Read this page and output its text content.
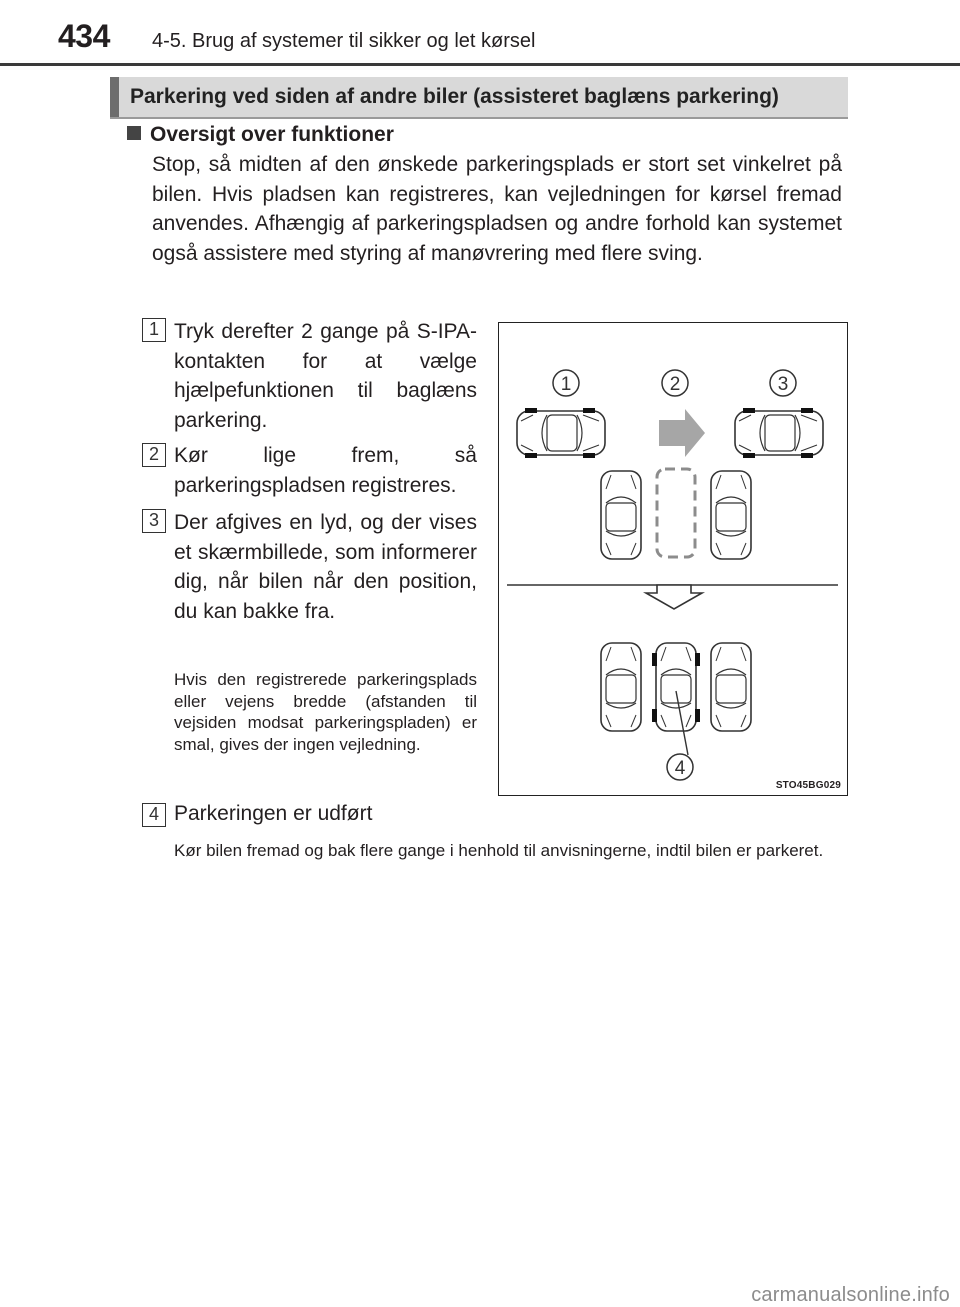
434 4-5. Brug af systemer til sikker og let kørsel
Parkering ved siden af andre biler (assisteret baglæns parkering)
Oversigt over funktioner
Stop, så midten af den ønskede parkeringsplads er stort set vinkelret på bilen. Hvis pladsen kan registreres, kan vejledningen for kørsel fremad anvendes. Afhængig af parkeringspladsen og andre forhold kan systemet også assistere med styring af manøvrering med flere sving.
1 Tryk derefter 2 gange på S-IPA-kontakten for at vælge hjælpefunktionen til baglæns parkering.
2 Kør lige frem, så parkeringspladsen registreres.
3 Der afgives en lyd, og der vises et skærmbillede, som informerer dig, når bilen når den position, du kan bakke fra.
Hvis den registrerede parkeringsplads eller vejens bredde (afstanden til vejsiden modsat parkeringspladen) er smal, gives der ingen vejledning.
1	2	3
4
STO45BG029
4 Parkeringen er udført
Kør bilen fremad og bak flere gange i henhold til anvisningerne, indtil bilen er parkeret.
carmanualsonline.info
